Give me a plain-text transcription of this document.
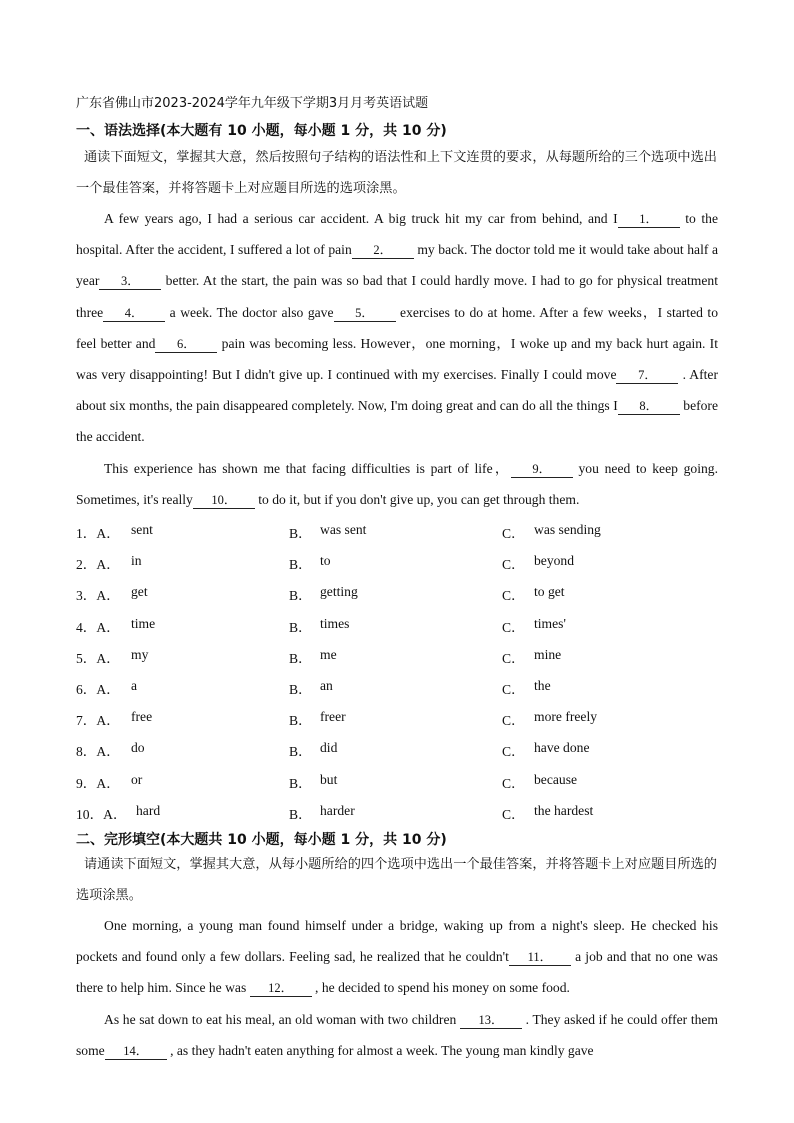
广东省佛山市2023-2024学年九年级下学期3月月考英语试题
一、语法选择(本大题有 10 小题，每小题 1 分，共 10 分)
通读下面短文，掌握其大意，然后按照句子结构的语法性和上下文连贯的要求，从每题所给的三个选项中选出一个最佳答案，并将答题卡上对应题目所选的选项涂黑。
A few years ago, I had a serious car accident. A big truck hit my car from behind, and I 1． to the hospital. After the accident, I suffered a lot of pain 2． my back. The doctor told me it would take about half a year 3． better. At the start, the pain was so bad that I could hardly move. I had to go for physical treatment three 4． a week. The doctor also gave 5． exercises to do at home. After a few weeks，I started to feel better and 6． pain was becoming less. However，one morning，I woke up and my back hurt again. It was very disappointing! But I didn't give up. I continued with my exercises. Finally I could move 7． . After about six months, the pain disappeared completely. Now, I'm doing great and can do all the things I 8． before the accident.
This experience has shown me that facing difficulties is part of life， 9． you need to keep going. Sometimes, it's really 10． to do it, but if you don't give up, you can get through them.
1．A． sent	B． was sent	C． was sending
2．A． in	B． to	C． beyond
3．A． get	B． getting	C． to get
4．A． time	B． times	C． times'
5．A． my	B． me	C． mine
6．A． a	B． an	C． the
7．A． free	B． freer	C． more freely
8．A． do	B． did	C． have done
9．A． or	B． but	C． because
10．A． hard	B． harder	C． the hardest
二、完形填空(本大题共 10 小题，每小题 1 分，共 10 分)
请通读下面短文，掌握其大意，从每小题所给的四个选项中选出一个最佳答案，并将答题卡上对应题目所选的选项涂黑。
One morning, a young man found himself under a bridge, waking up from a night's sleep. He checked his pockets and found only a few dollars. Feeling sad, he realized that he couldn't 11． a job and that no one was there to help him. Since he was 12． , he decided to spend his money on some food.
As he sat down to eat his meal, an old woman with two children 13． . They asked if he could offer them some 14． , as they hadn't eaten anything for almost a week. The young man kindly gave
